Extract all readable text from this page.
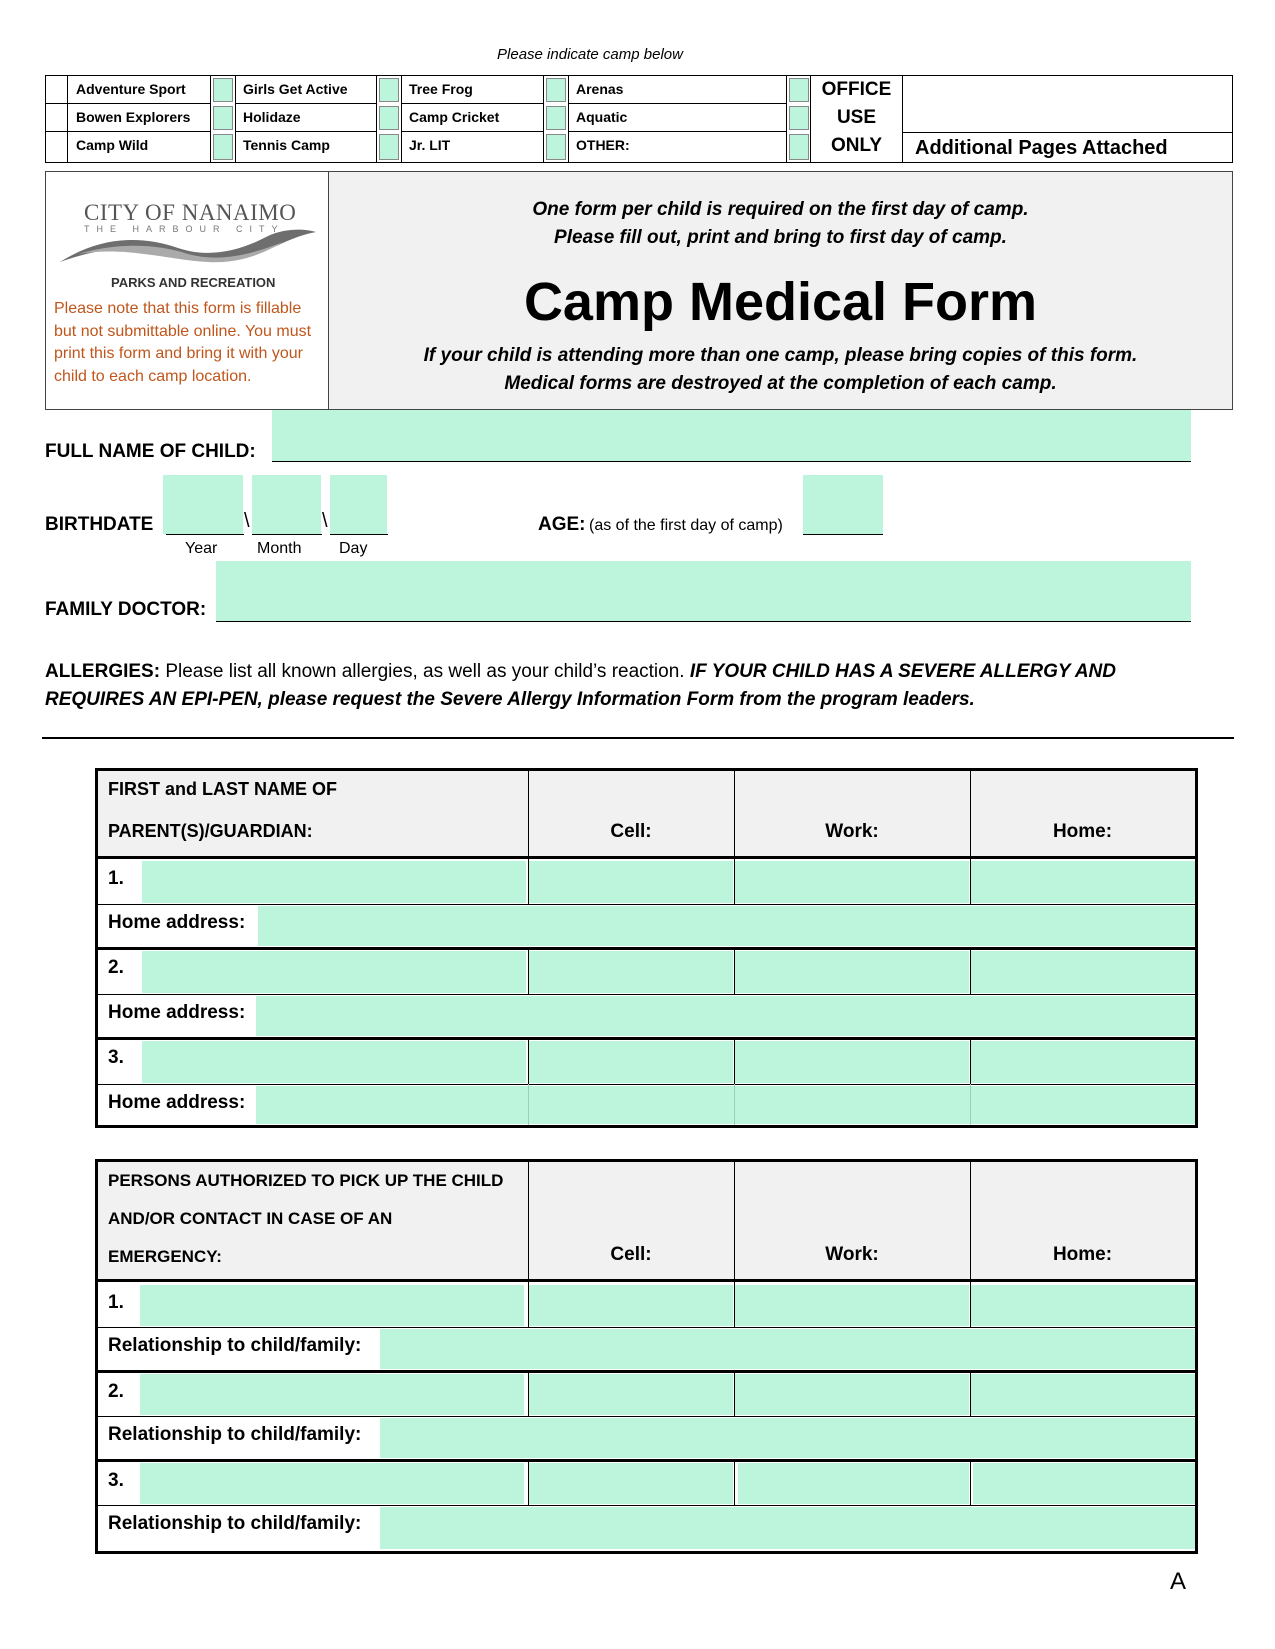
Please indicate camp below
Adventure Sport
Bowen Explorers
Camp Wild
Girls Get Active
Holidaze
Tennis Camp
Tree Frog
Camp Cricket
Jr. LIT
Arenas
Aquatic
OTHER:
OFFICE
USE
ONLY	Additional Pages Attached
CITY OF NANAIMO
THE HARBOUR CITY
PARKS AND RECREATION
Please note that this form is fillable but not submittable online. You must print this form and bring it with your child to each camp location.
One form per child is required on the first day of camp.
Please fill out, print and bring to first day of camp.
Camp Medical Form
If your child is attending more than one camp, please bring copies of this form.
Medical forms are destroyed at the completion of each camp.
FULL NAME OF CHILD:
BIRTHDATE	\	\
Year Month Day
AGE: (as of the first day of camp)
FAMILY DOCTOR:
ALLERGIES: Please list all known allergies, as well as your child’s reaction. IF YOUR CHILD HAS A SEVERE ALLERGY AND
REQUIRES AN EPI-PEN, please request the Severe Allergy Information Form from the program leaders.
FIRST and LAST NAME OF
PARENT(S)/GUARDIAN:	Cell:	Work:	Home:
1.
Home address:
2.
Home address:
3.
Home address:
PERSONS AUTHORIZED TO PICK UP THE CHILD
AND/OR CONTACT IN CASE OF AN
EMERGENCY:	Cell:	Work:	Home:
1.
Relationship to child/family:
2.
Relationship to child/family:
3.
Relationship to child/family:
A
